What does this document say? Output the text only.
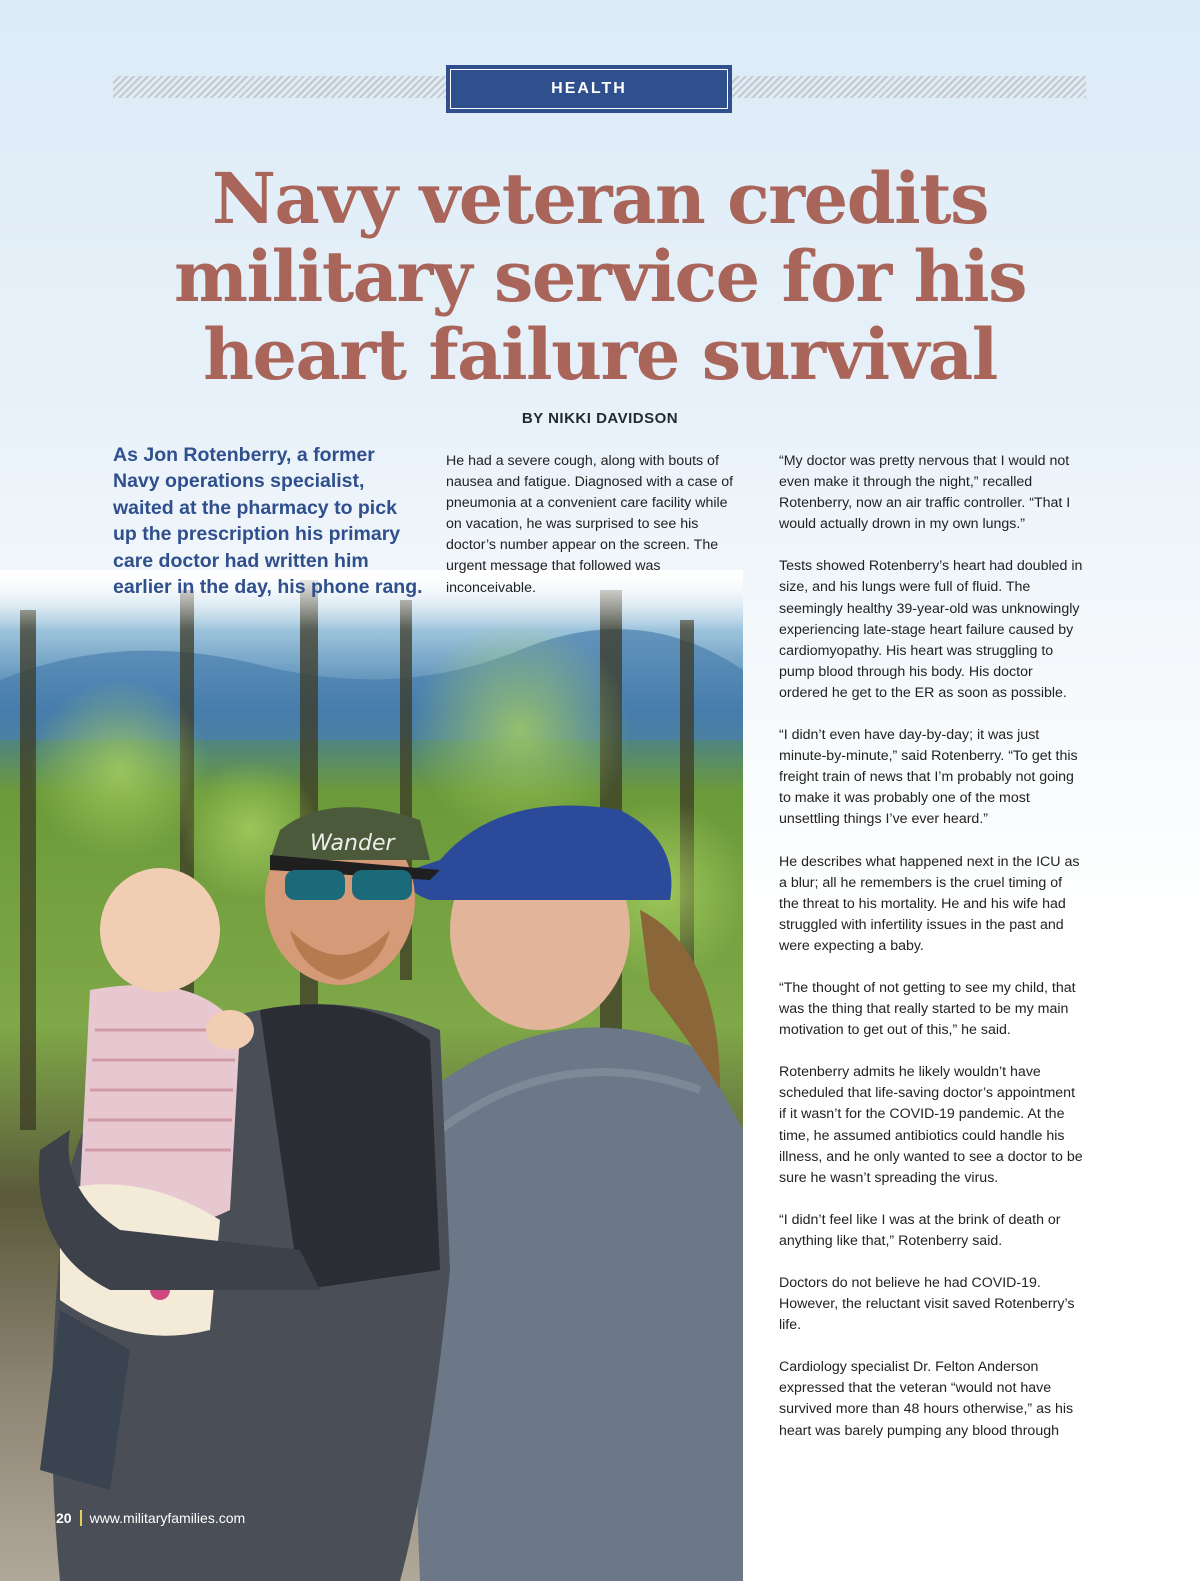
HEALTH
Navy veteran credits
military service for his
heart failure survival
BY NIKKI DAVIDSON
Wander

As Jon Rotenberry, a former Navy operations specialist, waited at the pharmacy to pick up the prescription his primary care doctor had written him earlier in the day, his phone rang.

He had a severe cough, along with bouts of nausea and fatigue. Diagnosed with a case of pneumonia at a convenient care facility while on vacation, he was surprised to see his doctor’s number appear on the screen. The urgent message that followed was inconceivable.

“My doctor was pretty nervous that I would not even make it through the night,” recalled Rotenberry, now an air traffic controller. “That I would actually drown in my own lungs.”

Tests showed Rotenberry’s heart had doubled in size, and his lungs were full of fluid. The seemingly healthy 39-year-old was unknowingly experiencing late-stage heart failure caused by cardiomyopathy. His heart was struggling to pump blood through his body. His doctor ordered he get to the ER as soon as possible.

“I didn’t even have day-by-day; it was just minute-by-minute,” said Rotenberry. “To get this freight train of news that I’m probably not going to make it was probably one of the most unsettling things I’ve ever heard.”

He describes what happened next in the ICU as a blur; all he remembers is the cruel timing of the threat to his mortality. He and his wife had struggled with infertility issues in the past and were expecting a baby.

“The thought of not getting to see my child, that was the thing that really started to be my main motivation to get out of this,” he said.

Rotenberry admits he likely wouldn’t have scheduled that life-saving doctor’s appointment if it wasn’t for the COVID-19 pandemic. At the time, he assumed antibiotics could handle his illness, and he only wanted to see a doctor to be sure he wasn’t spreading the virus.

“I didn’t feel like I was at the brink of death or anything like that,” Rotenberry said.

Doctors do not believe he had COVID-19. However, the reluctant visit saved Rotenberry’s life.

Cardiology specialist Dr. Felton Anderson expressed that the veteran “would not have survived more than 48 hours otherwise,” as his heart was barely pumping any blood through

20 www.militaryfamilies.com
